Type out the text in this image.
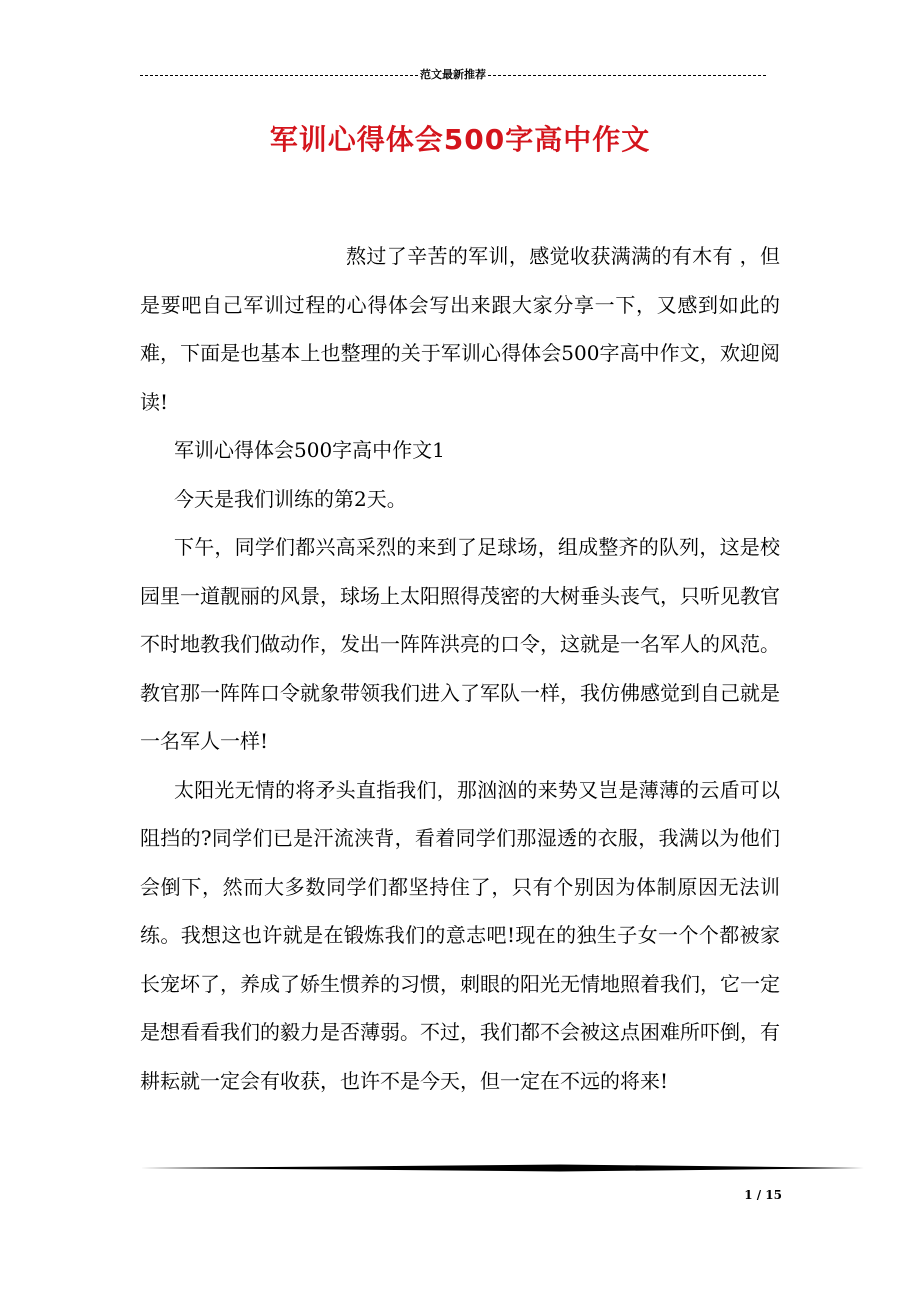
范文最新推荐
军训心得体会500字高中作文

熬过了辛苦的军训，感觉收获满满的有木有 ，但是要吧自己军训过程的心得体会写出来跟大家分享一下，又感到如此的难，下面是也基本上也整理的关于军训心得体会500字高中作文，欢迎阅读!

军训心得体会500字高中作文1

今天是我们训练的第2天。

下午，同学们都兴高采烈的来到了足球场，组成整齐的队列，这是校园里一道靓丽的风景，球场上太阳照得茂密的大树垂头丧气，只听见教官不时地教我们做动作，发出一阵阵洪亮的口令，这就是一名军人的风范。教官那一阵阵口令就象带领我们进入了军队一样，我仿佛感觉到自己就是一名军人一样!

太阳光无情的将矛头直指我们，那汹汹的来势又岂是薄薄的云盾可以阻挡的?同学们已是汗流浃背，看着同学们那湿透的衣服，我满以为他们会倒下，然而大多数同学们都坚持住了，只有个别因为体制原因无法训练。我想这也许就是在锻炼我们的意志吧!现在的独生子女一个个都被家长宠坏了，养成了娇生惯养的习惯，刺眼的阳光无情地照着我们，它一定是想看看我们的毅力是否薄弱。不过，我们都不会被这点困难所吓倒，有耕耘就一定会有收获，也许不是今天，但一定在不远的将来!

1 / 15
